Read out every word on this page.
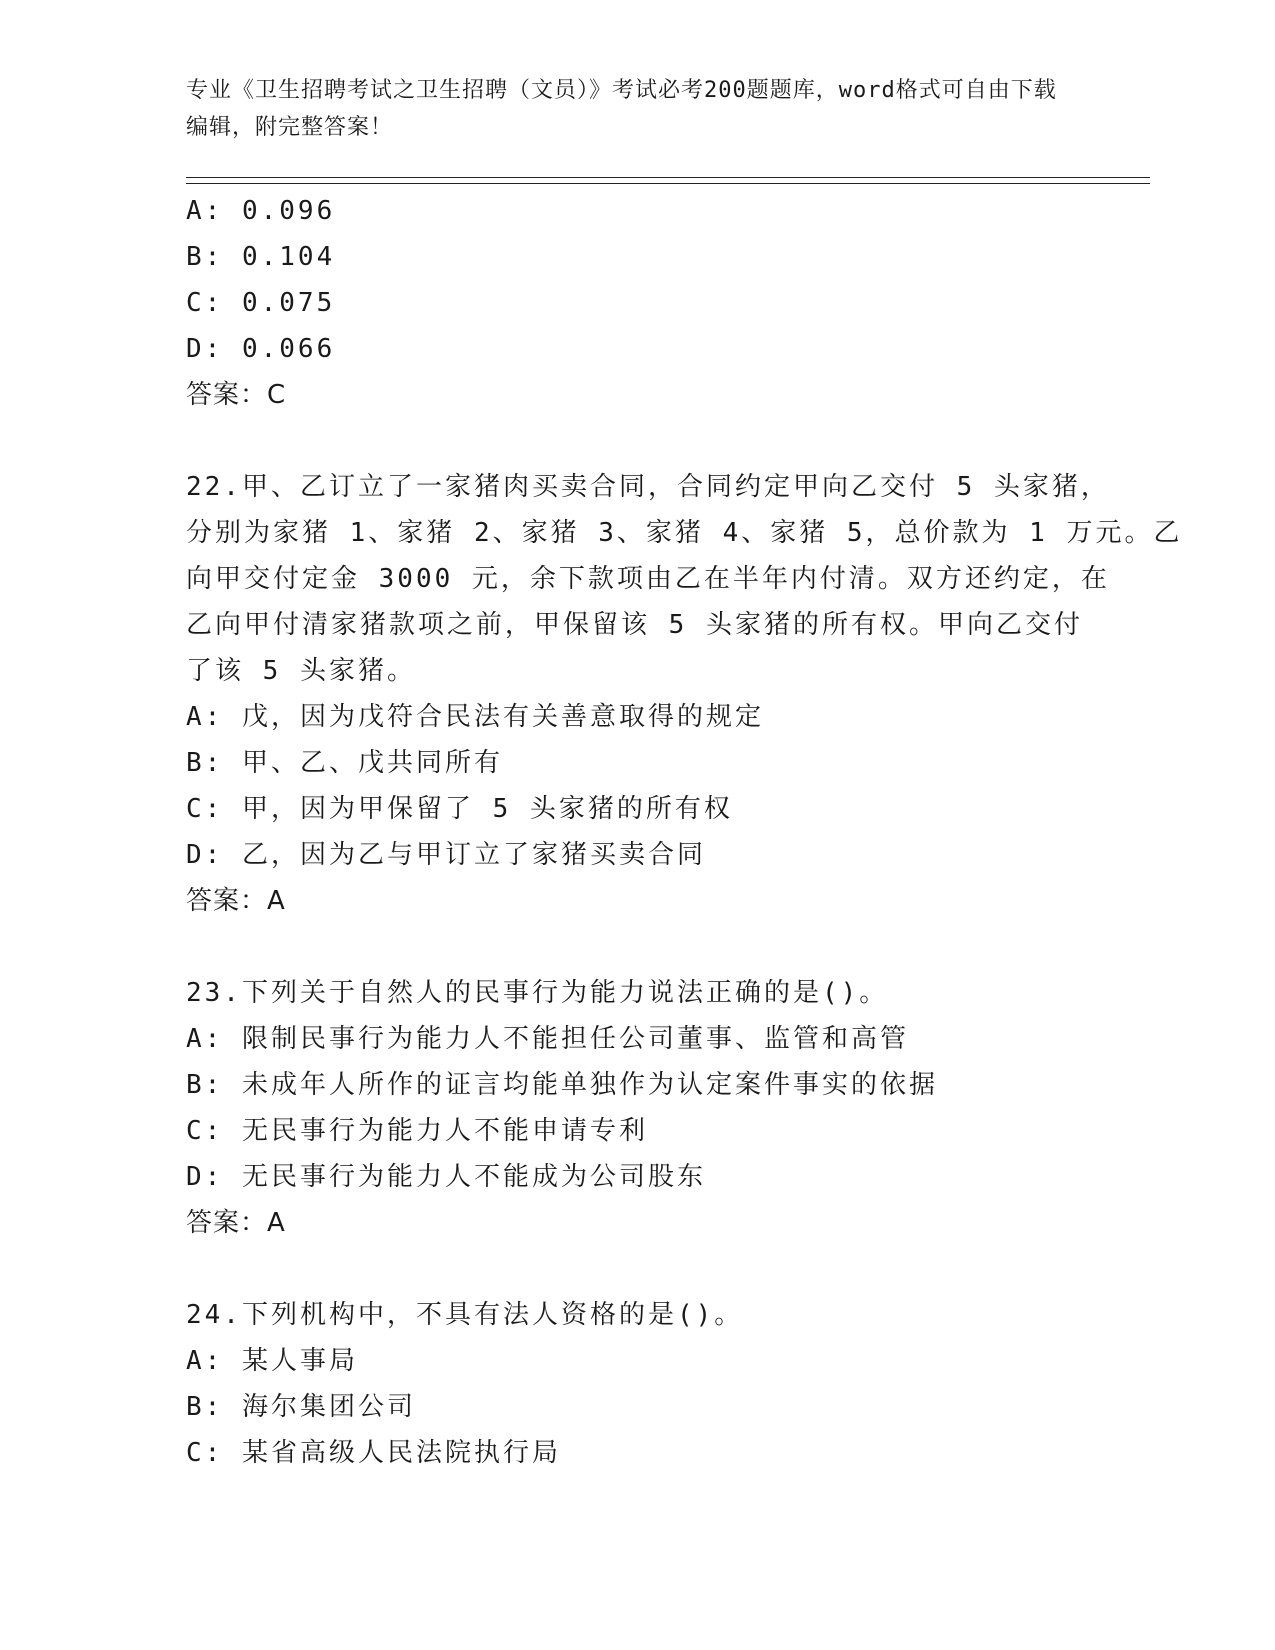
专业《卫生招聘考试之卫生招聘（文员）》考试必考200题题库，word格式可自由下载编辑，附完整答案！
A: 0.096
B: 0.104
C: 0.075
D: 0.066
答案：C
22.甲、乙订立了一家猪肉买卖合同，合同约定甲向乙交付 5 头家猪，
分别为家猪 1、家猪 2、家猪 3、家猪 4、家猪 5，总价款为 1 万元。乙
向甲交付定金 3000 元，余下款项由乙在半年内付清。双方还约定，在
乙向甲付清家猪款项之前，甲保留该 5 头家猪的所有权。甲向乙交付
了该 5 头家猪。
A: 戊，因为戊符合民法有关善意取得的规定
B: 甲、乙、戊共同所有
C: 甲，因为甲保留了 5 头家猪的所有权
D: 乙，因为乙与甲订立了家猪买卖合同
答案：A
23.下列关于自然人的民事行为能力说法正确的是()。
A: 限制民事行为能力人不能担任公司董事、监管和高管
B: 未成年人所作的证言均能单独作为认定案件事实的依据
C: 无民事行为能力人不能申请专利
D: 无民事行为能力人不能成为公司股东
答案：A
24.下列机构中，不具有法人资格的是()。
A: 某人事局
B: 海尔集团公司
C: 某省高级人民法院执行局
